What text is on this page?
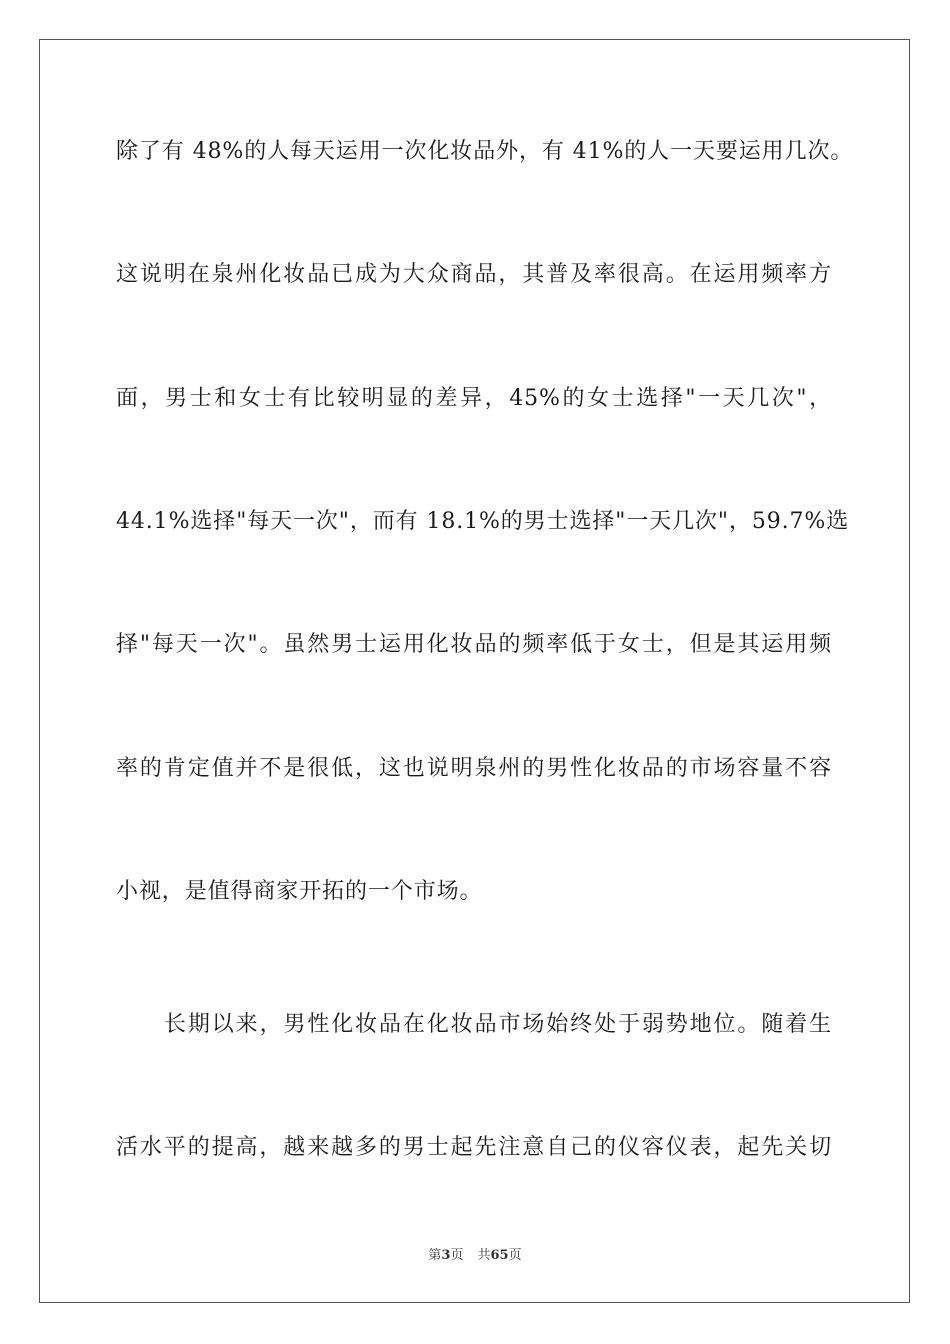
除了有 48%的人每天运用一次化妆品外，有 41%的人一天要运用几次。
这说明在泉州化妆品已成为大众商品，其普及率很高。在运用频率方
面，男士和女士有比较明显的差异，45%的女士选择"一天几次"，
44.1%选择"每天一次"，而有 18.1%的男士选择"一天几次"，59.7%选
择"每天一次"。虽然男士运用化妆品的频率低于女士，但是其运用频
率的肯定值并不是很低，这也说明泉州的男性化妆品的市场容量不容
小视，是值得商家开拓的一个市场。
长期以来，男性化妆品在化妆品市场始终处于弱势地位。随着生
活水平的提高，越来越多的男士起先注意自己的仪容仪表，起先关切
第3页 共65页
